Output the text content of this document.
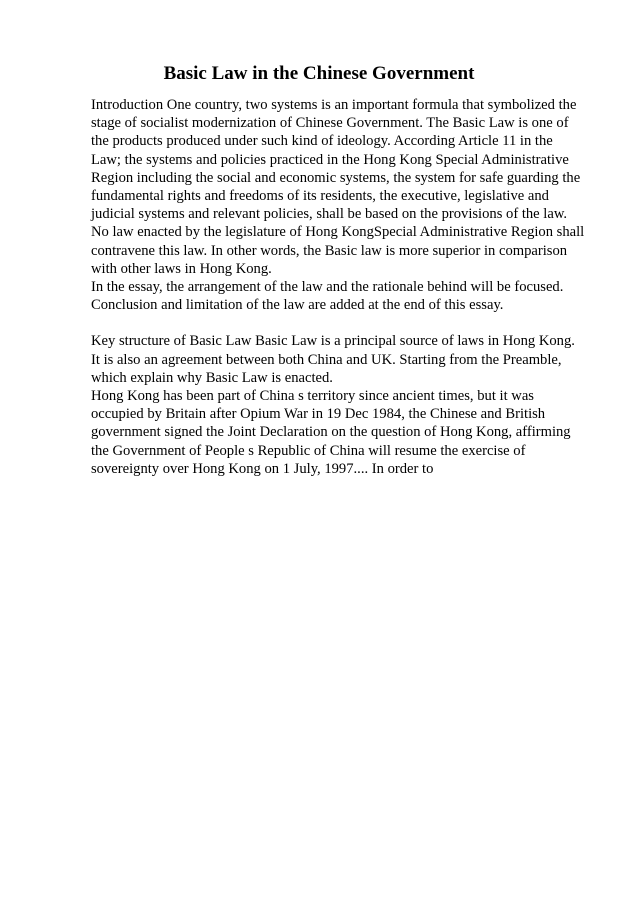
Basic Law in the Chinese Government
Introduction One country, two systems is an important formula that symbolized the
stage of socialist modernization of Chinese Government. The Basic Law is one of
the products produced under such kind of ideology. According Article 11 in the
Law; the systems and policies practiced in the Hong Kong Special Administrative
Region including the social and economic systems, the system for safe guarding the
fundamental rights and freedoms of its residents, the executive, legislative and
judicial systems and relevant policies, shall be based on the provisions of the law.
No law enacted by the legislature of Hong KongSpecial Administrative Region shall
contravene this law. In other words, the Basic law is more superior in comparison
with other laws in Hong Kong.
In the essay, the arrangement of the law and the rationale behind will be focused.
Conclusion and limitation of the law are added at the end of this essay.
Key structure of Basic Law Basic Law is a principal source of laws in Hong Kong.
It is also an agreement between both China and UK. Starting from the Preamble,
which explain why Basic Law is enacted.
Hong Kong has been part of China s territory since ancient times, but it was
occupied by Britain after Opium War in 19 Dec 1984, the Chinese and British
government signed the Joint Declaration on the question of Hong Kong, affirming
the Government of People s Republic of China will resume the exercise of
sovereignty over Hong Kong on 1 July, 1997.... In order to
